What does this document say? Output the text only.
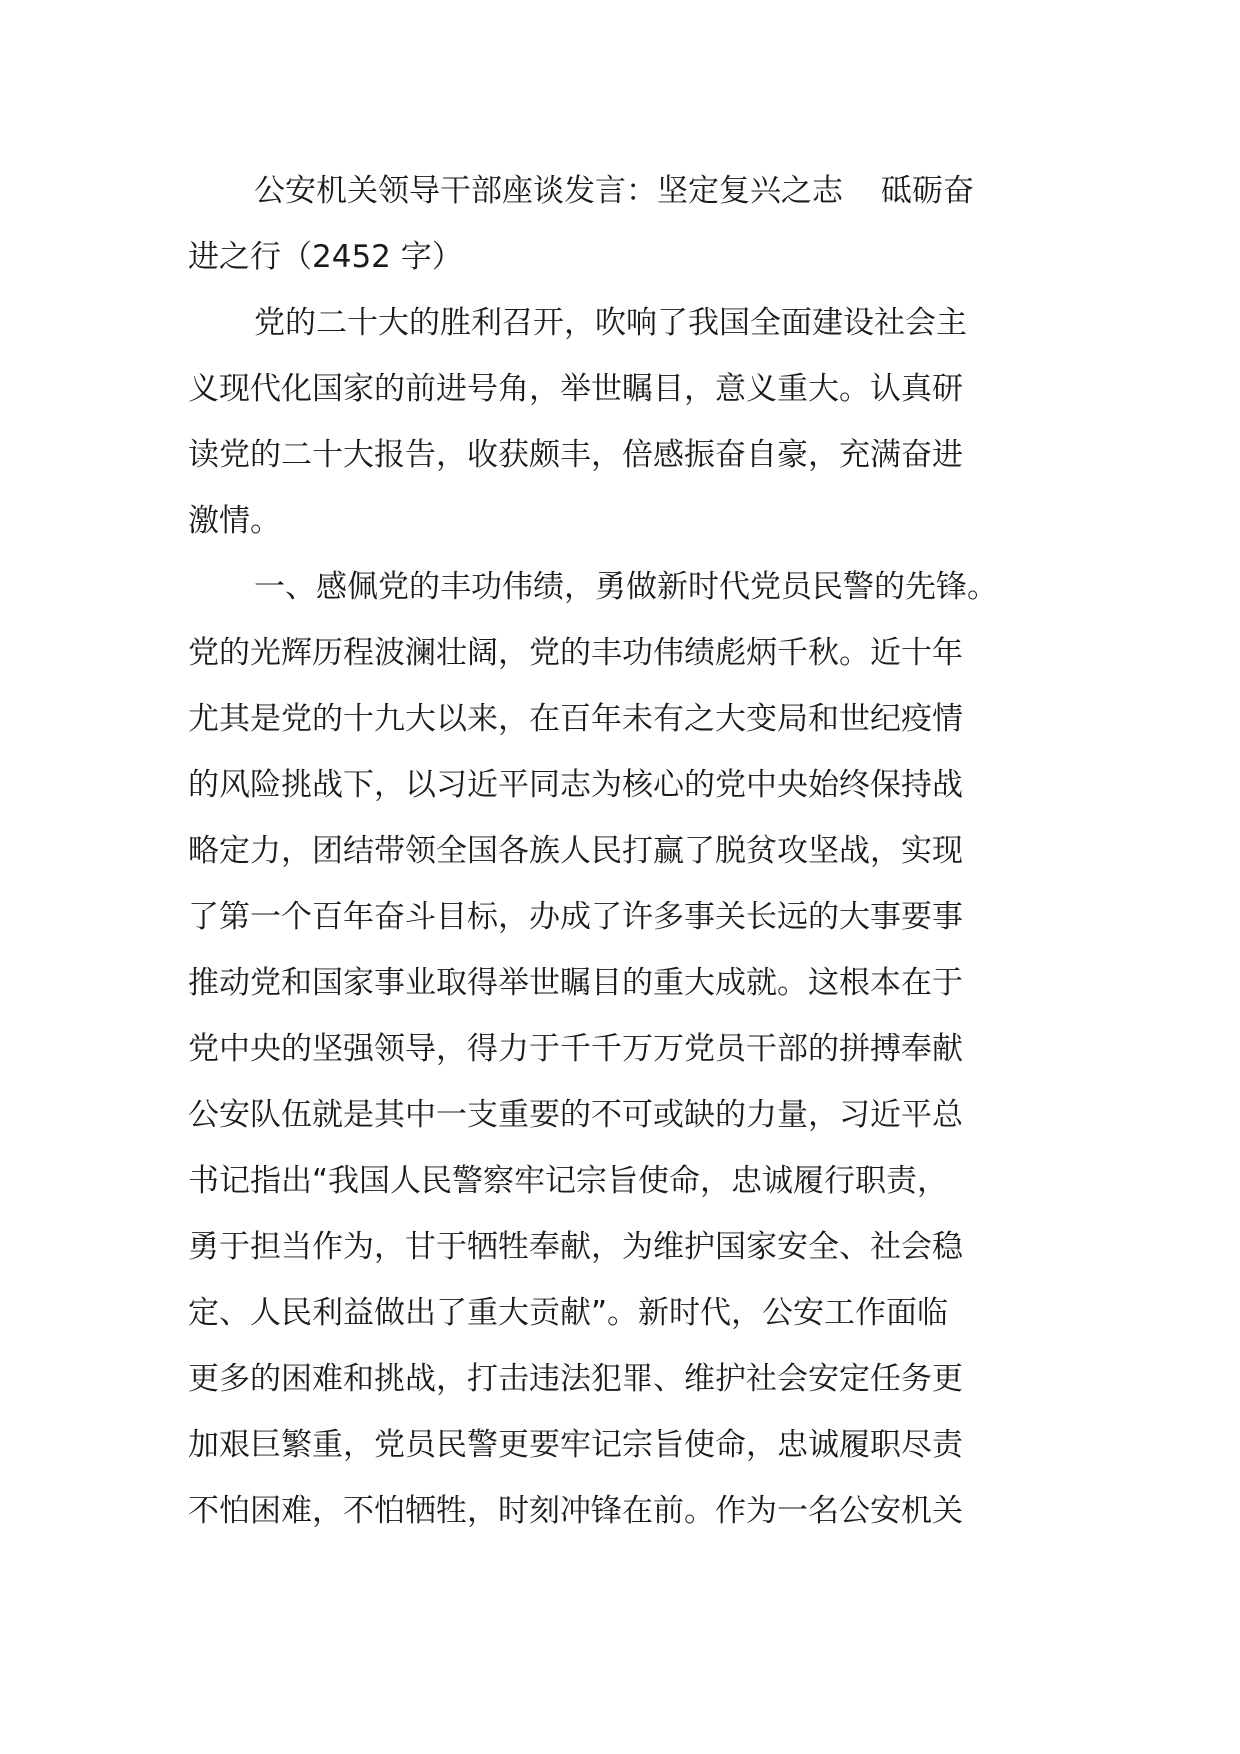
公安机关领导干部座谈发言：坚定复兴之志 砥砺奋
进之行（2452 字）
党的二十大的胜利召开，吹响了我国全面建设社会主
义现代化国家的前进号角，举世瞩目，意义重大。认真研
读党的二十大报告，收获颇丰，倍感振奋自豪，充满奋进
激情。
一、感佩党的丰功伟绩，勇做新时代党员民警的先锋。
党的光辉历程波澜壮阔，党的丰功伟绩彪炳千秋。近十年
尤其是党的十九大以来，在百年未有之大变局和世纪疫情
的风险挑战下，以习近平同志为核心的党中央始终保持战
略定力，团结带领全国各族人民打赢了脱贫攻坚战，实现
了第一个百年奋斗目标，办成了许多事关长远的大事要事
推动党和国家事业取得举世瞩目的重大成就。这根本在于
党中央的坚强领导，得力于千千万万党员干部的拼搏奉献
公安队伍就是其中一支重要的不可或缺的力量，习近平总
书记指出“我国人民警察牢记宗旨使命，忠诚履行职责，
勇于担当作为，甘于牺牲奉献，为维护国家安全、社会稳
定、人民利益做出了重大贡献”。新时代，公安工作面临
更多的困难和挑战，打击违法犯罪、维护社会安定任务更
加艰巨繁重，党员民警更要牢记宗旨使命，忠诚履职尽责
不怕困难，不怕牺牲，时刻冲锋在前。作为一名公安机关
